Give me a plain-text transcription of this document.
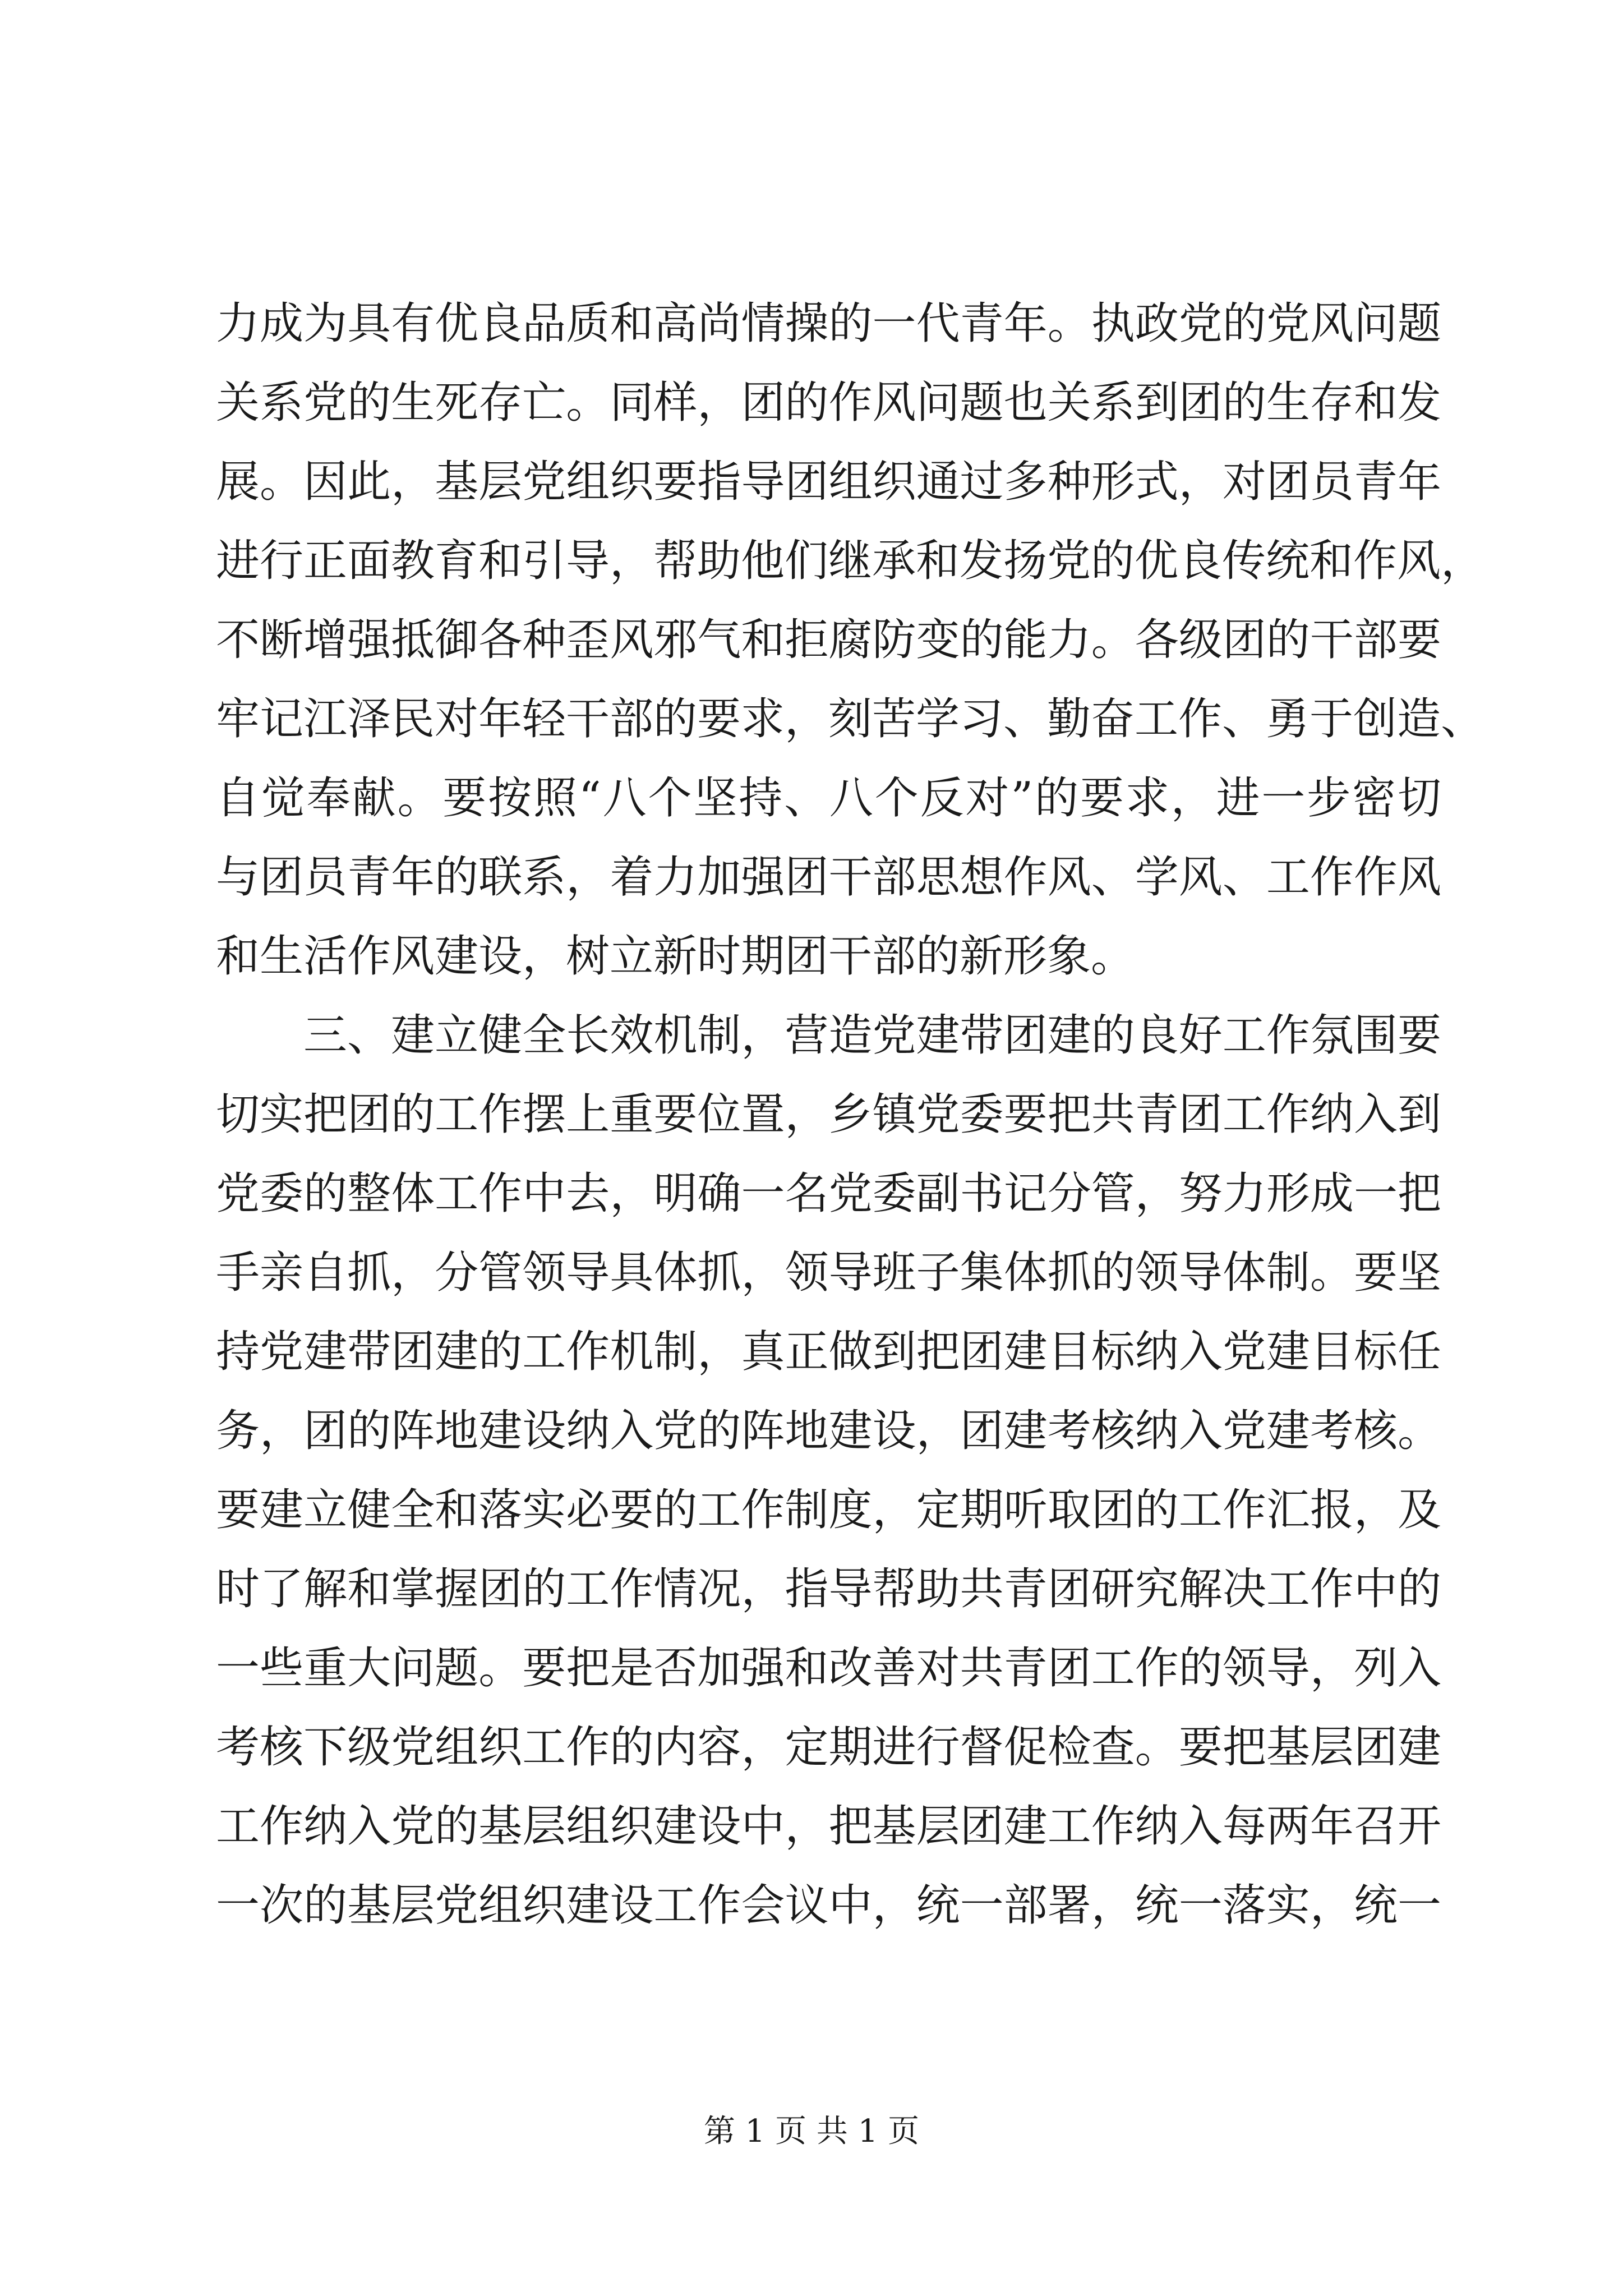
力成为具有优良品质和高尚情操的一代青年。执政党的党风问题
关系党的生死存亡。同样，团的作风问题也关系到团的生存和发
展。因此，基层党组织要指导团组织通过多种形式，对团员青年
进行正面教育和引导，帮助他们继承和发扬党的优良传统和作风，
不断增强抵御各种歪风邪气和拒腐防变的能力。各级团的干部要
牢记江泽民对年轻干部的要求，刻苦学习、勤奋工作、勇于创造、
自觉奉献。要按照“八个坚持、八个反对”的要求，进一步密切
与团员青年的联系，着力加强团干部思想作风、学风、工作作风
和生活作风建设，树立新时期团干部的新形象。
三、建立健全长效机制，营造党建带团建的良好工作氛围要
切实把团的工作摆上重要位置，乡镇党委要把共青团工作纳入到
党委的整体工作中去，明确一名党委副书记分管，努力形成一把
手亲自抓，分管领导具体抓，领导班子集体抓的领导体制。要坚
持党建带团建的工作机制，真正做到把团建目标纳入党建目标任
务，团的阵地建设纳入党的阵地建设，团建考核纳入党建考核。
要建立健全和落实必要的工作制度，定期听取团的工作汇报，及
时了解和掌握团的工作情况，指导帮助共青团研究解决工作中的
一些重大问题。要把是否加强和改善对共青团工作的领导，列入
考核下级党组织工作的内容，定期进行督促检查。要把基层团建
工作纳入党的基层组织建设中，把基层团建工作纳入每两年召开
一次的基层党组织建设工作会议中，统一部署，统一落实，统一
第 1 页 共 1 页
